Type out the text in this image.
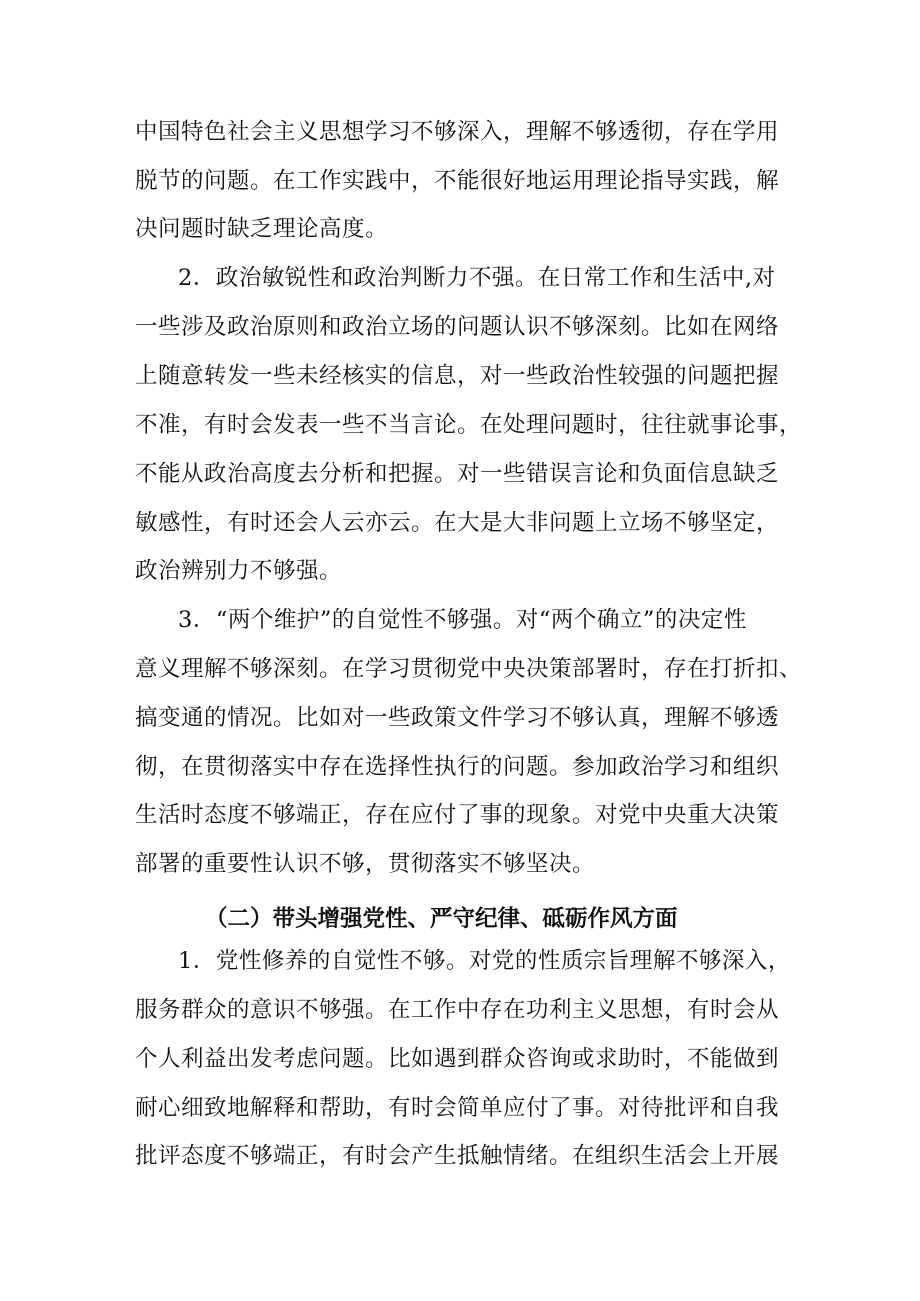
中国特色社会主义思想学习不够深入，理解不够透彻，存在学用
脱节的问题。在工作实践中，不能很好地运用理论指导实践，解
决问题时缺乏理论高度。
2．政治敏锐性和政治判断力不强。在日常工作和生活中,对
一些涉及政治原则和政治立场的问题认识不够深刻。比如在网络
上随意转发一些未经核实的信息，对一些政治性较强的问题把握
不准，有时会发表一些不当言论。在处理问题时，往往就事论事，
不能从政治高度去分析和把握。对一些错误言论和负面信息缺乏
敏感性，有时还会人云亦云。在大是大非问题上立场不够坚定，
政治辨别力不够强。
3．“两个维护”的自觉性不够强。对“两个确立”的决定性
意义理解不够深刻。在学习贯彻党中央决策部署时，存在打折扣、
搞变通的情况。比如对一些政策文件学习不够认真，理解不够透
彻，在贯彻落实中存在选择性执行的问题。参加政治学习和组织
生活时态度不够端正，存在应付了事的现象。对党中央重大决策
部署的重要性认识不够，贯彻落实不够坚决。
（二）带头增强党性、严守纪律、砥砺作风方面
1．党性修养的自觉性不够。对党的性质宗旨理解不够深入，
服务群众的意识不够强。在工作中存在功利主义思想，有时会从
个人利益出发考虑问题。比如遇到群众咨询或求助时，不能做到
耐心细致地解释和帮助，有时会简单应付了事。对待批评和自我
批评态度不够端正，有时会产生抵触情绪。在组织生活会上开展
